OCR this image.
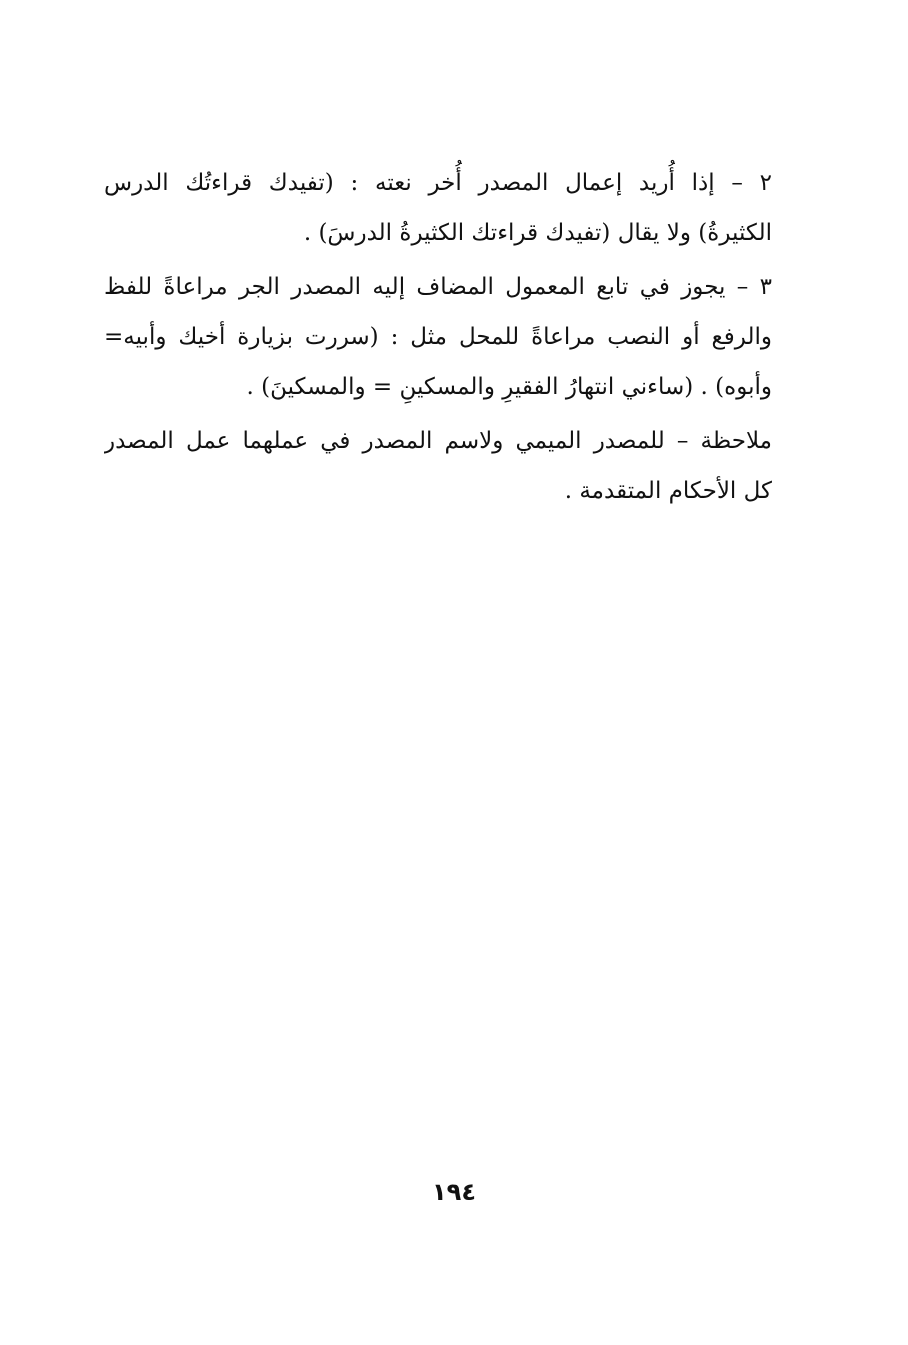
٢ – إذا أُريد إعمال المصدر أُخر نعته : (تفيدك قراءتُك الدرس
الكثيرةُ) ولا يقال (تفيدك قراءتك الكثيرةُ الدرسَ) .
٣ – يجوز في تابع المعمول المضاف إليه المصدر الجر مراعاةً للفظ
والرفع أو النصب مراعاةً للمحل مثل : (سررت بزيارة أخيك وأبيه=
وأبوه) . (ساءني انتهارُ الفقيرِ والمسكينِ = والمسكينَ) .
ملاحظة – للمصدر الميمي ولاسم المصدر في عملهما عمل المصدر
كل الأحكام المتقدمة .
١٩٤
